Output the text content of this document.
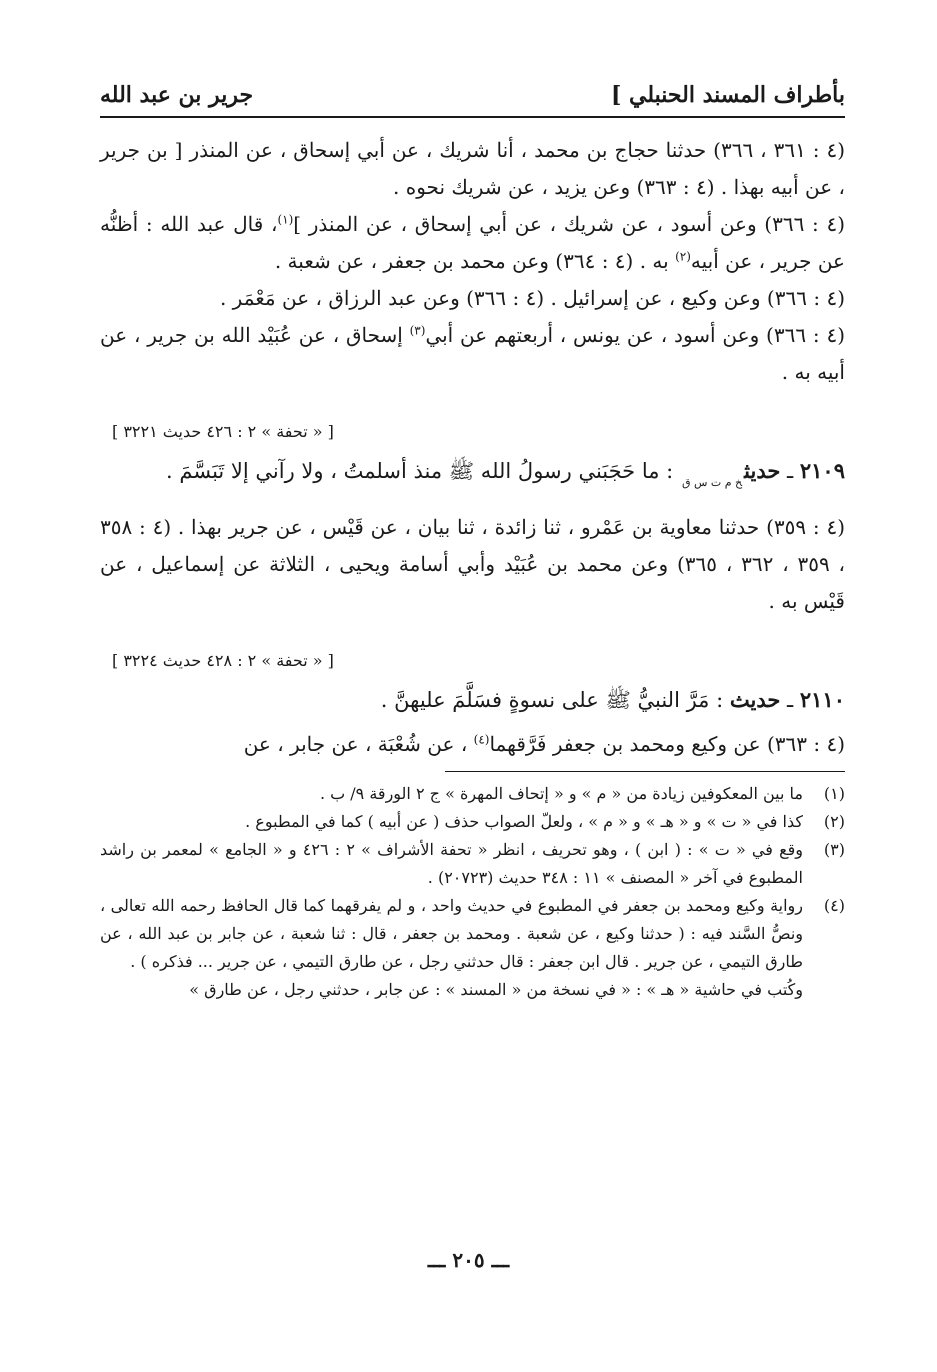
بأطراف المسند الحنبلي ]
جرير بن عبد الله

(٤ : ٣٦١ ، ٣٦٦) حدثنا حجاج بن محمد ، أنا شريك ، عن أبي إسحاق ، عن المنذر [ بن جرير ، عن أبيه بهذا . (٤ : ٣٦٣) وعن يزيد ، عن شريك نحوه .

(٤ : ٣٦٦) وعن أسود ، عن شريك ، عن أبي إسحاق ، عن المنذر ]$^{(١)}$، قال عبد الله : أظنُّه عن جرير ، عن أبيه$^{(٢)}$ به . (٤ : ٣٦٤) وعن محمد بن جعفر ، عن شعبة .

(٤ : ٣٦٦) وعن وكيع ، عن إسرائيل . (٤ : ٣٦٦) وعن عبد الرزاق ، عن مَعْمَر .

(٤ : ٣٦٦) وعن أسود ، عن يونس ، أربعتهم عن أبي$^{(٣)}$ إسحاق ، عن عُبَيْد الله بن جرير ، عن أبيه به .

[ « تحفة » ٢ : ٤٢٦ حديث ٣٢٢١ ]
٢١٠٩ ـ حديث$_{خ م ت س ق}$ : ما حَجَبَني رسولُ الله ﷺ منذ أسلمتُ ، ولا رآني إلا تَبَسَّمَ .

(٤ : ٣٥٩) حدثنا معاوية بن عَمْرو ، ثنا زائدة ، ثنا بيان ، عن قَيْس ، عن جرير بهذا . (٤ : ٣٥٨ ، ٣٥٩ ، ٣٦٢ ، ٣٦٥) وعن محمد بن عُبَيْد وأبي أسامة ويحيى ، الثلاثة عن إسماعيل ، عن قَيْس به .

[ « تحفة » ٢ : ٤٢٨ حديث ٣٢٢٤ ]
٢١١٠ ـ حديث : مَرَّ النبيُّ ﷺ على نسوةٍ فسَلَّمَ عليهنَّ .

(٤ : ٣٦٣) عن وكيع ومحمد بن جعفر فَرَّقهما$^{(٤)}$ ، عن شُعْبَة ، عن جابر ، عن

(١)
ما بين المعكوفين زيادة من « م » و « إتحاف المهرة » ج ٢ الورقة ٩/ ب .
(٢)
كذا في « ت » و « هـ » و « م » ، ولعلّ الصواب حذف ( عن أبيه ) كما في المطبوع .
(٣)
وقع في « ت » : ( ابن ) ، وهو تحريف ، انظر « تحفة الأشراف » ٢ : ٤٢٦ و « الجامع » لمعمر بن راشد المطبوع في آخر « المصنف » ١١ : ٣٤٨ حديث (٢٠٧٢٣) .
(٤)
رواية وكيع ومحمد بن جعفر في المطبوع في حديث واحد ، و لم يفرقهما كما قال الحافظ رحمه الله تعالى ، ونصُّ السَّند فيه : ( حدثنا وكيع ، عن شعبة . ومحمد بن جعفر ، قال : ثنا شعبة ، عن جابر بن عبد الله ، عن طارق التيمي ، عن جرير . قال ابن جعفر : قال حدثني رجل ، عن طارق التيمي ، عن جرير ... فذكره ) .
وكُتب في حاشية « هـ » : « في نسخة من « المسند » : عن جابر ، حدثني رجل ، عن طارق »
ـــ ٢٠٥ ـــ
